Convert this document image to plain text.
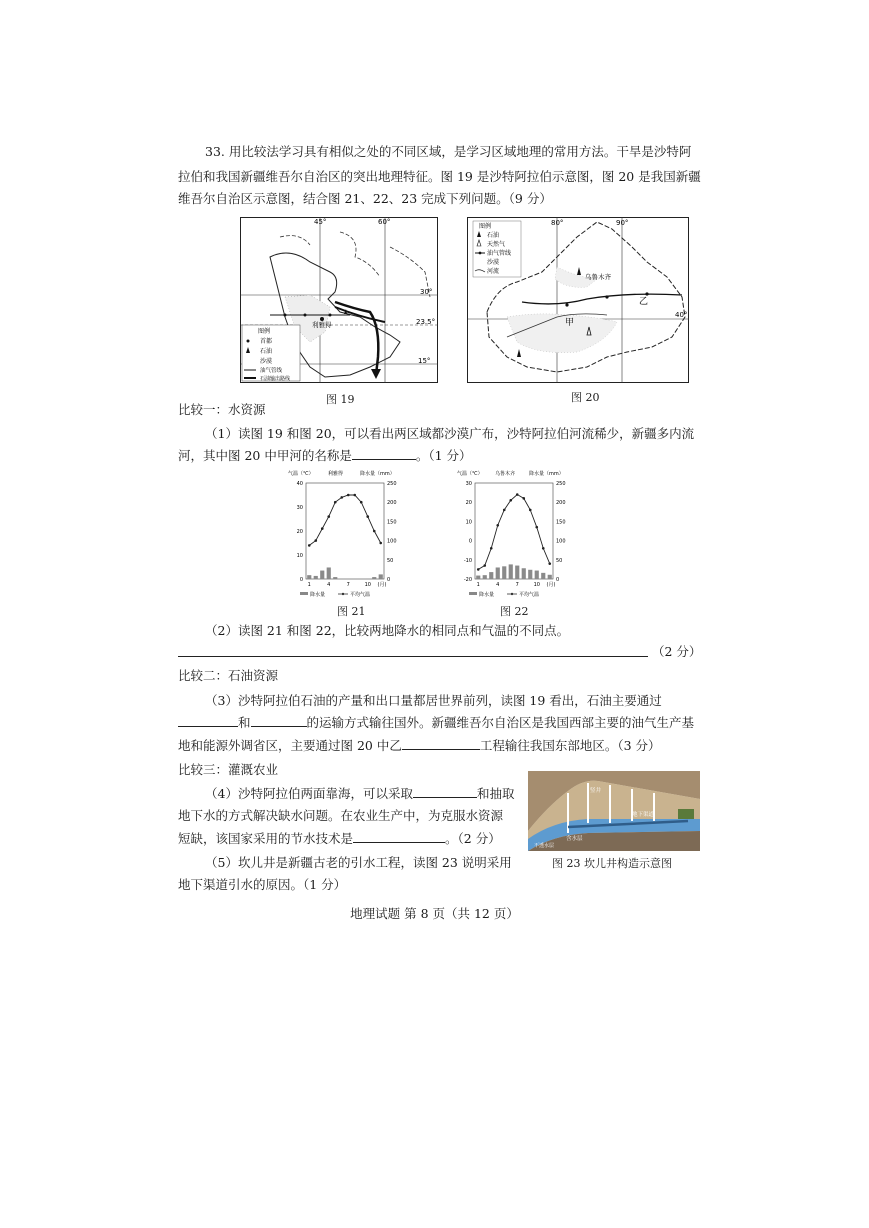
33. 用比较法学习具有相似之处的不同区域，是学习区域地理的常用方法。干旱是沙特阿
拉伯和我国新疆维吾尔自治区的突出地理特征。图 19 是沙特阿拉伯示意图，图 20 是我国新疆
维吾尔自治区示意图，结合图 21、22、23 完成下列问题。（9 分）
45°	60°
30°
23.5°
15°
利雅得
图例
首都
石油
沙漠
油气管线
石油输出路线
图 19
80°	90°
40°
乌鲁木齐
甲
乙
图例
石油
天然气
油气管线
沙漠
河流
图 20
比较一：水资源
（1）读图 19 和图 20，可以看出两区域都沙漠广布，沙特阿拉伯河流稀少，新疆多内流
河，其中图 20 中甲河的名称是	。（1 分）
气温（℃）	利雅得	降水量（mm）
40
30
20
10
0
250
200
150
100
50
0
1	4	7	10 (月)
降水量	平均气温
图 21
气温（℃） 乌鲁木齐	降水量（mm）
30
20
10
0
-10
-20
250
200
150
100
50
0
1	4	7	10 (月)
降水量	平均气温
图 22
（2）读图 21 和图 22，比较两地降水的相同点和气温的不同点。
（2 分）
比较二：石油资源
（3）沙特阿拉伯石油的产量和出口量都居世界前列，读图 19 看出，石油主要通过
和	的运输方式输往国外。新疆维吾尔自治区是我国西部主要的油气生产基
地和能源外调省区，主要通过图 20 中乙	工程输往我国东部地区。（3 分）
比较三：灌溉农业
（4）沙特阿拉伯两面靠海，可以采取	和抽取
地下水的方式解决缺水问题。在农业生产中，为克服水资源
短缺，该国家采用的节水技术是	。（2 分）
（5）坎儿井是新疆古老的引水工程，读图 23 说明采用
地下渠道引水的原因。（1 分）
竖井
地下渠道
含水层
不透水层
图 23 坎儿井构造示意图
地理试题 第 8 页（共 12 页）
